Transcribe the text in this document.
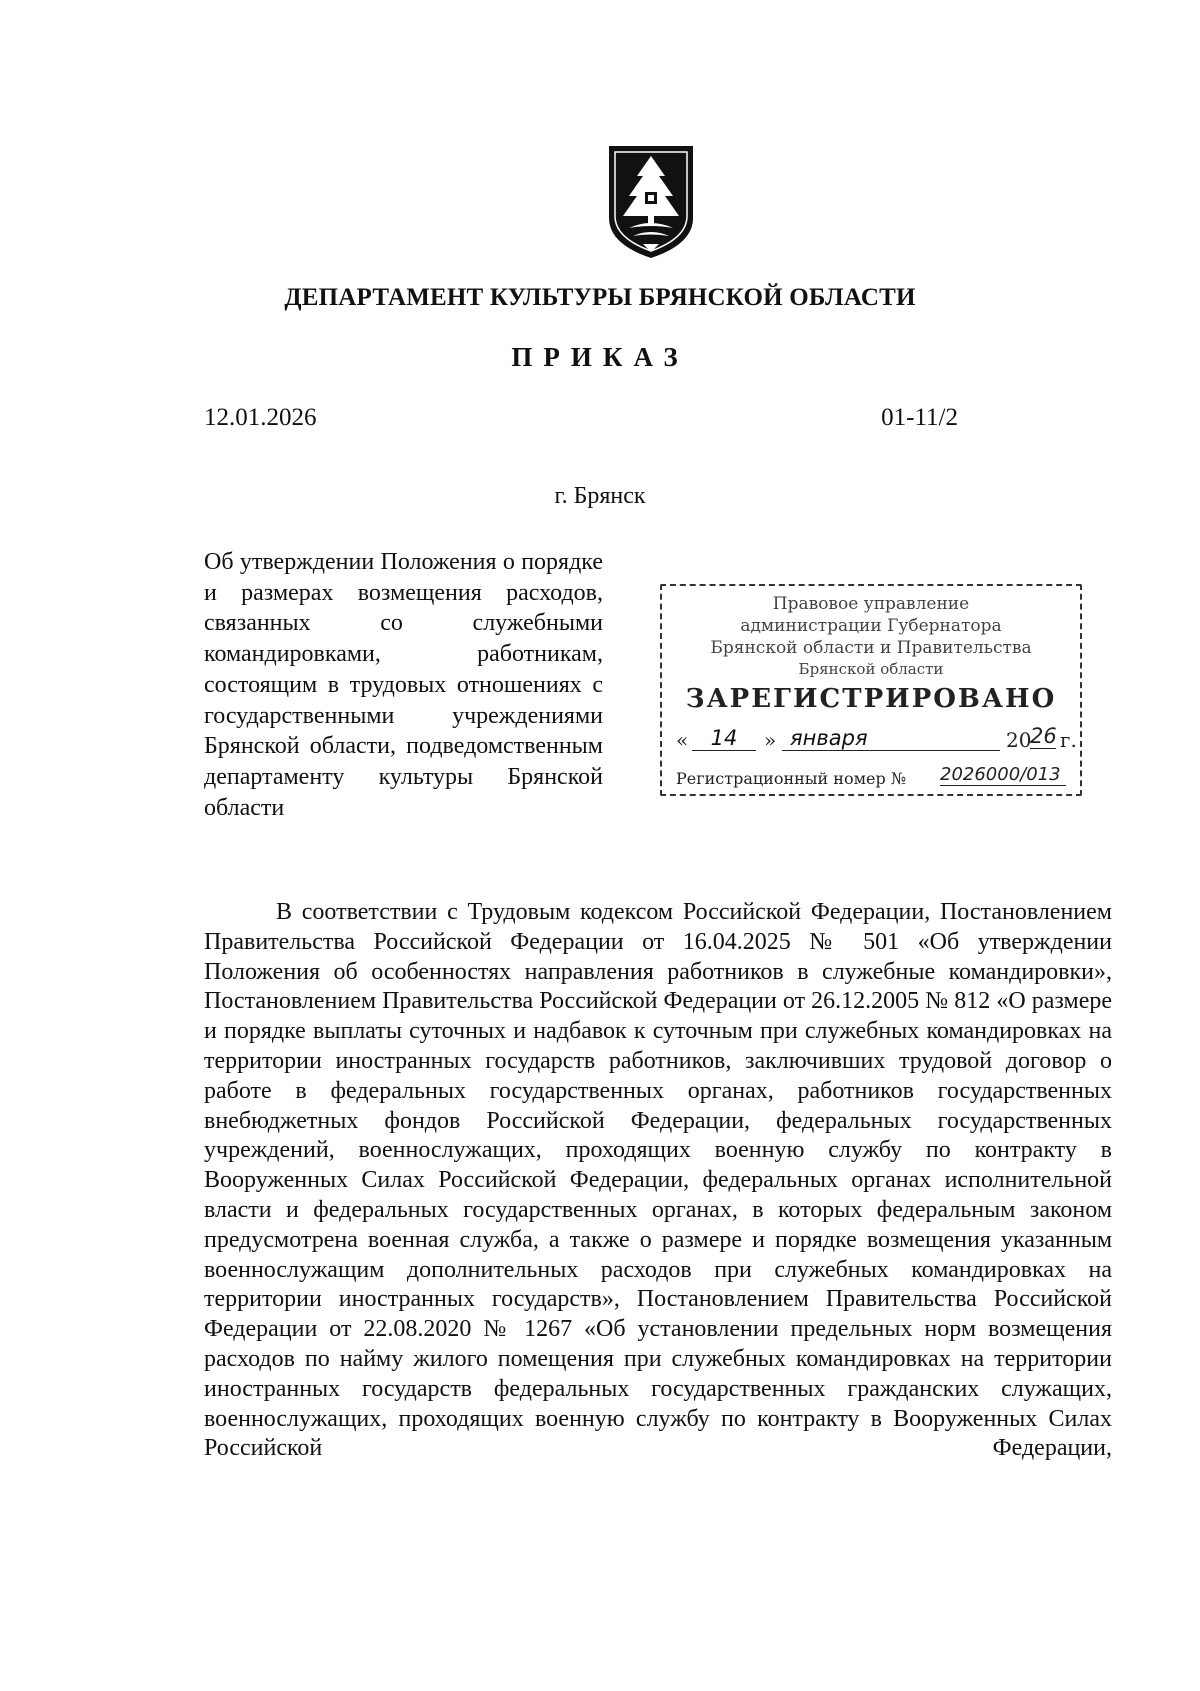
ДЕПАРТАМЕНТ КУЛЬТУРЫ БРЯНСКОЙ ОБЛАСТИ
ПРИКАЗ
12.01.2026	01-11/2
г. Брянск
Об утверждении Положения о порядке и размерах возмещения расходов, связанных со служебными командировками, работникам, состоящим в трудовых отношениях с государственными учреждениями Брянской области, подведомственным департаменту культуры Брянской области
Правовое управление
администрации Губернатора
Брянской области и Правительства
Брянской области
ЗАРЕГИСТРИРОВАНО
«	14	» января	20
26 г.
Регистрационный номер № 2026000/013
В соответствии с Трудовым кодексом Российской Федерации, Постановлением Правительства Российской Федерации от 16.04.2025 № 501 «Об утверждении Положения об особенностях направления работников в служебные командировки», Постановлением Правительства Российской Федерации от 26.12.2005 № 812 «О размере и порядке выплаты суточных и надбавок к суточным при служебных командировках на территории иностранных государств работников, заключивших трудовой договор о работе в федеральных государственных органах, работников государственных внебюджетных фондов Российской Федерации, федеральных государственных учреждений, военнослужащих, проходящих военную службу по контракту в Вооруженных Силах Российской Федерации, федеральных органах исполнительной власти и федеральных государственных органах, в которых федеральным законом предусмотрена военная служба, а также о размере и порядке возмещения указанным военнослужащим дополнительных расходов при служебных командировках на территории иностранных государств», Постановлением Правительства Российской Федерации от 22.08.2020 № 1267 «Об установлении предельных норм возмещения расходов по найму жилого помещения при служебных командировках на территории иностранных государств федеральных государственных гражданских служащих, военнослужащих, проходящих военную службу по контракту в Вооруженных Силах Российской Федерации,
